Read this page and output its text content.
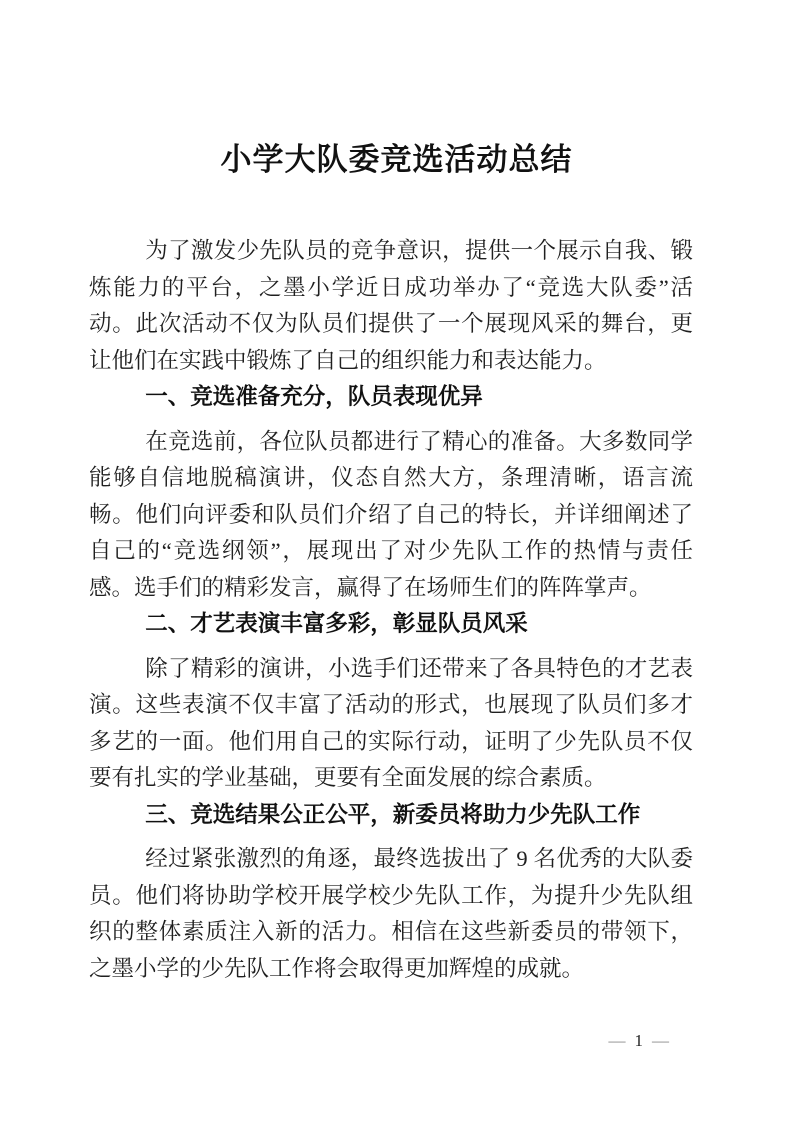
小学大队委竞选活动总结

为了激发少先队员的竞争意识，提供一个展示自我、锻炼能力的平台，之墨小学近日成功举办了“竞选大队委”活动。此次活动不仅为队员们提供了一个展现风采的舞台，更让他们在实践中锻炼了自己的组织能力和表达能力。

一、竞选准备充分，队员表现优异

在竞选前，各位队员都进行了精心的准备。大多数同学能够自信地脱稿演讲，仪态自然大方，条理清晰，语言流畅。他们向评委和队员们介绍了自己的特长，并详细阐述了自己的“竞选纲领”，展现出了对少先队工作的热情与责任感。选手们的精彩发言，赢得了在场师生们的阵阵掌声。

二、才艺表演丰富多彩，彰显队员风采

除了精彩的演讲，小选手们还带来了各具特色的才艺表演。这些表演不仅丰富了活动的形式，也展现了队员们多才多艺的一面。他们用自己的实际行动，证明了少先队员不仅要有扎实的学业基础，更要有全面发展的综合素质。

三、竞选结果公正公平，新委员将助力少先队工作

经过紧张激烈的角逐，最终选拔出了 9 名优秀的大队委员。他们将协助学校开展学校少先队工作，为提升少先队组织的整体素质注入新的活力。相信在这些新委员的带领下，之墨小学的少先队工作将会取得更加辉煌的成就。

— 1 —
